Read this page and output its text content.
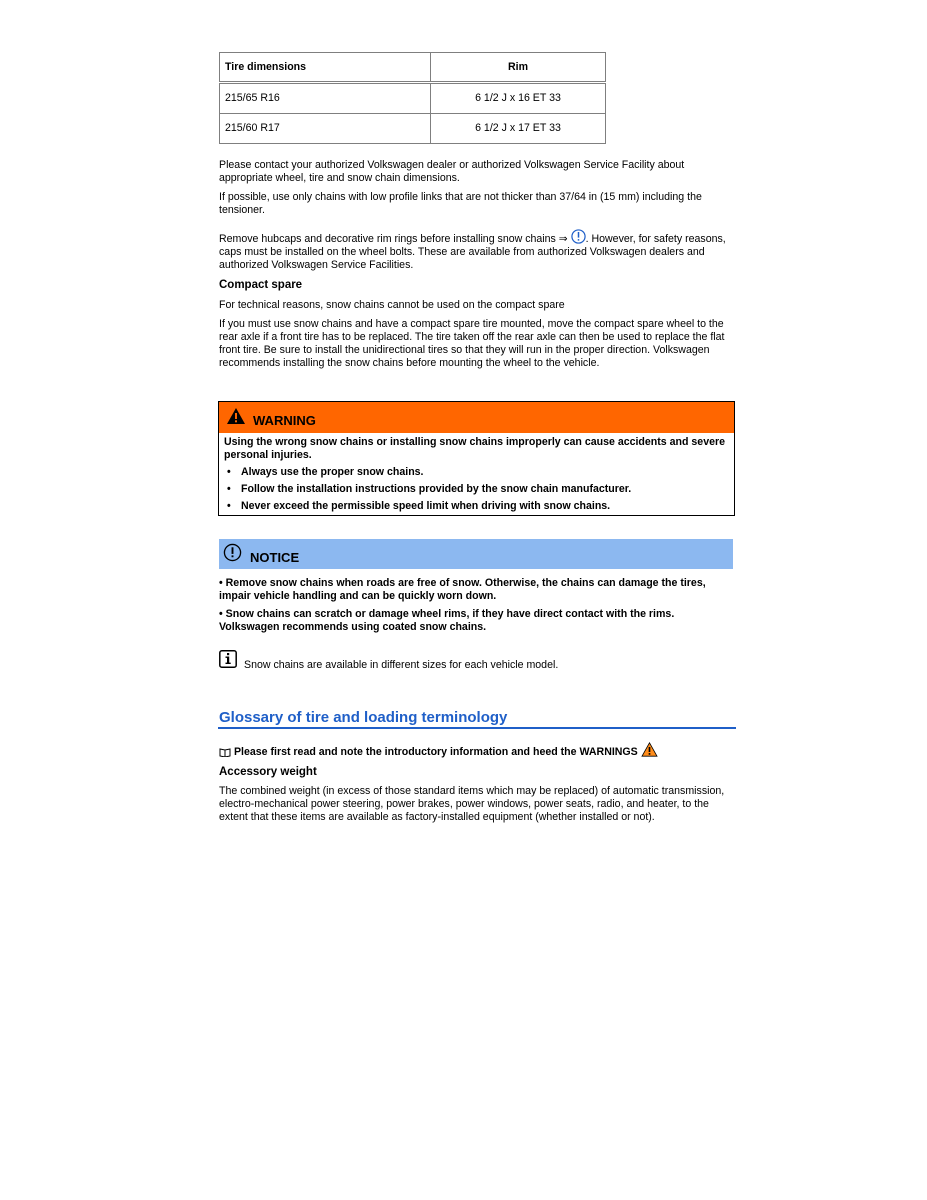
Tire dimensions	Rim
215/65 R16	6 1/2 J x 16 ET 33
215/60 R17	6 1/2 J x 17 ET 33

Please contact your authorized Volkswagen dealer or authorized Volkswagen Service Facility about appropriate wheel, tire and snow chain dimensions.

If possible, use only chains with low profile links that are not thicker than 37/64 in (15 mm) including the tensioner.

Remove hubcaps and decorative rim rings before installing snow chains ⇒ . However, for safety reasons, caps must be installed on the wheel bolts. These are available from authorized Volkswagen dealers and authorized Volkswagen Service Facilities.

Compact spare

For technical reasons, snow chains cannot be used on the compact spare

If you must use snow chains and have a compact spare tire mounted, move the compact spare wheel to the rear axle if a front tire has to be replaced. The tire taken off the rear axle can then be used to replace the flat front tire. Be sure to install the unidirectional tires so that they will run in the proper direction. Volkswagen recommends installing the snow chains before mounting the wheel to the vehicle.

WARNING

Using the wrong snow chains or installing snow chains improperly can cause accidents and severe personal injuries.

• Always use the proper snow chains.

• Follow the installation instructions provided by the snow chain manufacturer.

• Never exceed the permissible speed limit when driving with snow chains.

NOTICE

• Remove snow chains when roads are free of snow. Otherwise, the chains can damage the tires, impair vehicle handling and can be quickly worn down.

• Snow chains can scratch or damage wheel rims, if they have direct contact with the rims. Volkswagen recommends using coated snow chains.

Snow chains are available in different sizes for each vehicle model.

Glossary of tire and loading terminology

Please first read and note the introductory information and heed the WARNINGS

Accessory weight

The combined weight (in excess of those standard items which may be replaced) of automatic transmission, electro-mechanical power steering, power brakes, power windows, power seats, radio, and heater, to the extent that these items are available as factory-installed equipment (whether installed or not).
